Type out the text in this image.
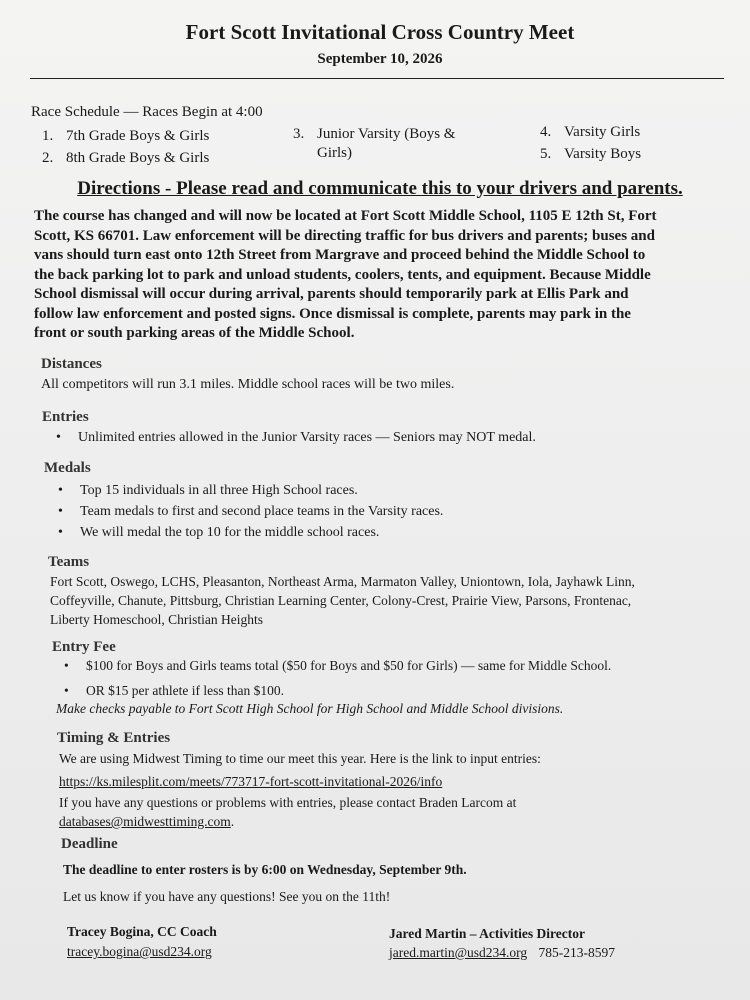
Fort Scott Invitational Cross Country Meet
September 10, 2026
Race Schedule — Races Begin at 4:00
1. 7th Grade Boys & Girls
2. 8th Grade Boys & Girls
3. Junior Varsity (Boys &
Girls)
4. Varsity Girls
5. Varsity Boys
Directions - Please read and communicate this to your drivers and parents.
The course has changed and will now be located at Fort Scott Middle School, 1105 E 12th St, Fort
Scott, KS 66701. Law enforcement will be directing traffic for bus drivers and parents; buses and
vans should turn east onto 12th Street from Margrave and proceed behind the Middle School to
the back parking lot to park and unload students, coolers, tents, and equipment. Because Middle
School dismissal will occur during arrival, parents should temporarily park at Ellis Park and
follow law enforcement and posted signs. Once dismissal is complete, parents may park in the
front or south parking areas of the Middle School.
Distances
All competitors will run 3.1 miles. Middle school races will be two miles.
Entries
• Unlimited entries allowed in the Junior Varsity races — Seniors may NOT medal.
Medals
• Top 15 individuals in all three High School races.
• Team medals to first and second place teams in the Varsity races.
• We will medal the top 10 for the middle school races.
Teams
Fort Scott, Oswego, LCHS, Pleasanton, Northeast Arma, Marmaton Valley, Uniontown, Iola, Jayhawk Linn,
Coffeyville, Chanute, Pittsburg, Christian Learning Center, Colony-Crest, Prairie View, Parsons, Frontenac,
Liberty Homeschool, Christian Heights
Entry Fee
• $100 for Boys and Girls teams total ($50 for Boys and $50 for Girls) — same for Middle School.
• OR $15 per athlete if less than $100.
Make checks payable to Fort Scott High School for High School and Middle School divisions.
Timing & Entries
We are using Midwest Timing to time our meet this year. Here is the link to input entries:
https://ks.milesplit.com/meets/773717-fort-scott-invitational-2026/info
If you have any questions or problems with entries, please contact Braden Larcom at
databases@midwesttiming.com.
Deadline
The deadline to enter rosters is by 6:00 on Wednesday, September 9th.
Let us know if you have any questions! See you on the 11th!
Tracey Bogina, CC Coach
tracey.bogina@usd234.org
Jared Martin – Activities Director
jared.martin@usd234.org 785-213-8597
